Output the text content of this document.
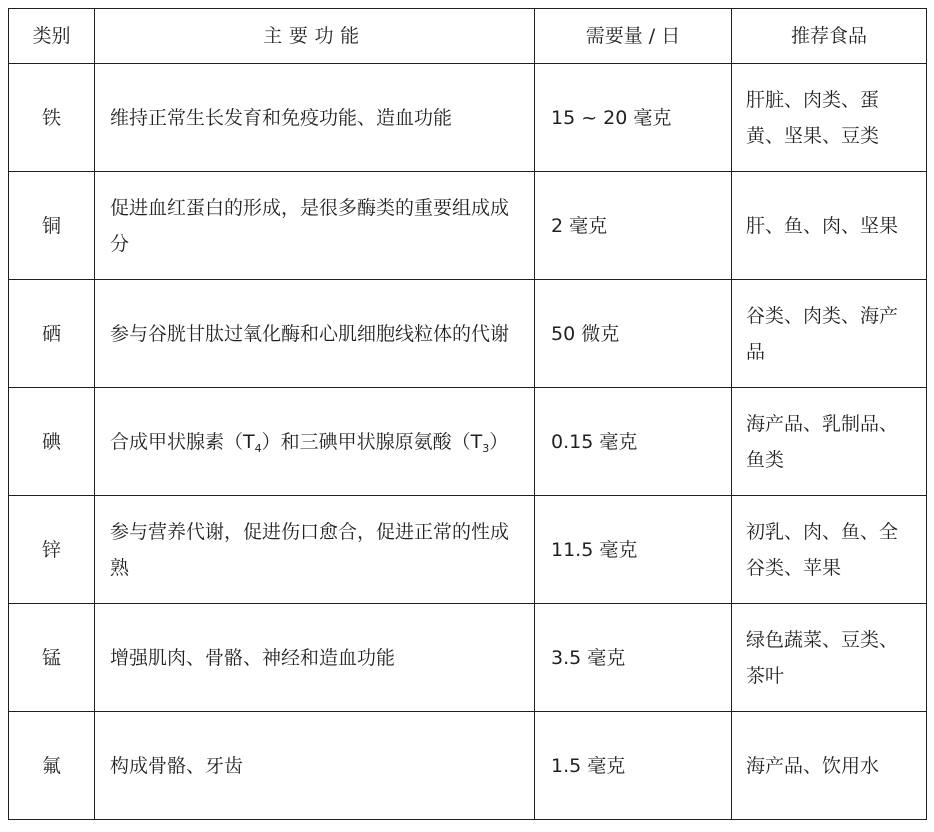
类别	主要功能	需要量 / 日	推荐食品
铁	维持正常生长发育和免疫功能、造血功能	15 ~ 20 毫克	肝脏、肉类、蛋黄、坚果、豆类
铜	促进血红蛋白的形成，是很多酶类的重要组成成分	2 毫克	肝、鱼、肉、坚果
硒	参与谷胱甘肽过氧化酶和心肌细胞线粒体的代谢	50 微克	谷类、肉类、海产品
碘	合成甲状腺素$(T_4)$和三碘甲状腺原氨酸$(T_3)$	0.15 毫克	海产品、乳制品、鱼类
锌	参与营养代谢，促进伤口愈合，促进正常的性成熟	11.5 毫克	初乳、肉、鱼、全谷类、苹果
锰	增强肌肉、骨骼、神经和造血功能	3.5 毫克	绿色蔬菜、豆类、茶叶
氟	构成骨骼、牙齿	1.5 毫克	海产品、饮用水
